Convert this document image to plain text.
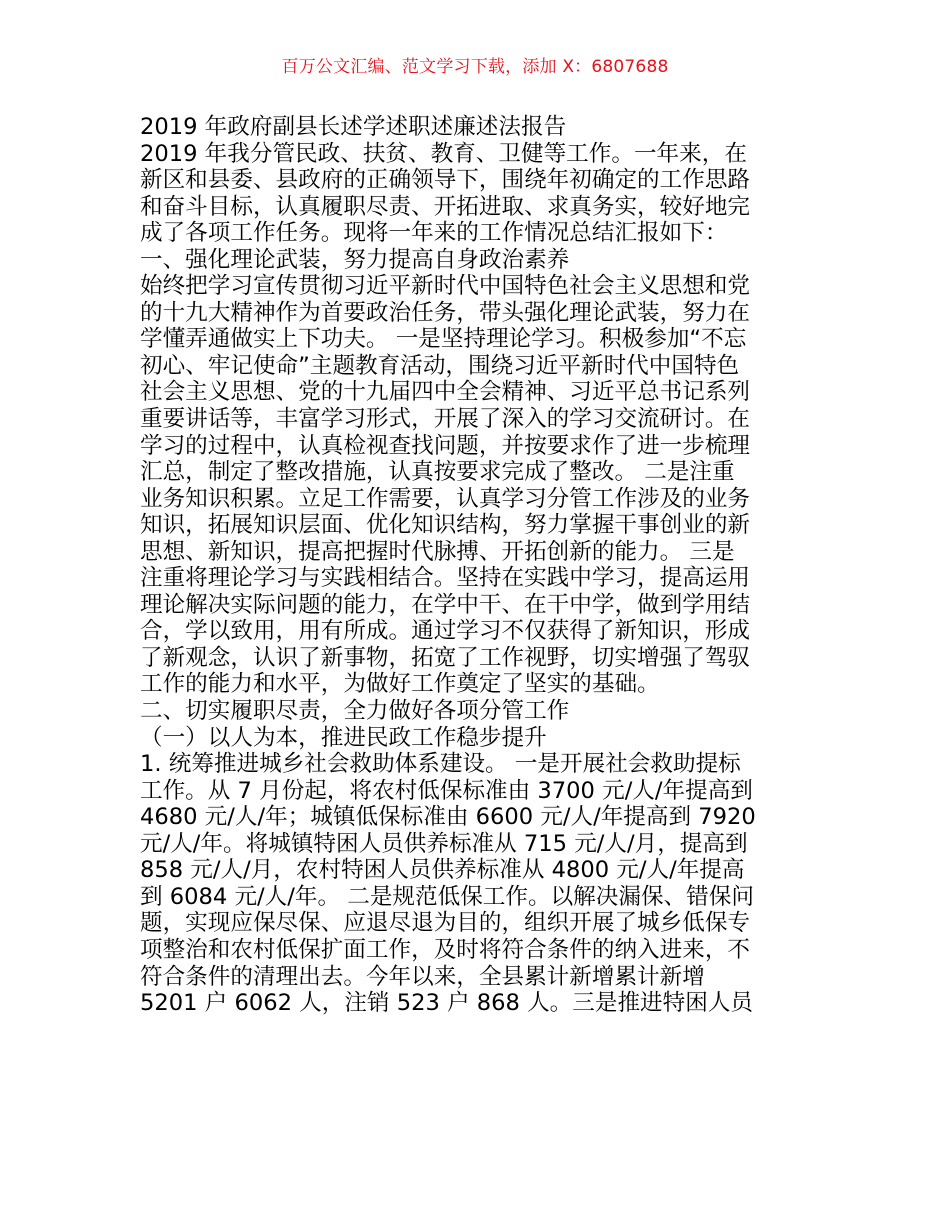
百万公文汇编、范文学习下载，添加 X：6807688
2019 年政府副县长述学述职述廉述法报告
2019 年我分管民政、扶贫、教育、卫健等工作。一年来，在
新区和县委、县政府的正确领导下，围绕年初确定的工作思路
和奋斗目标，认真履职尽责、开拓进取、求真务实，较好地完
成了各项工作任务。现将一年来的工作情况总结汇报如下：
一、强化理论武装，努力提高自身政治素养
始终把学习宣传贯彻习近平新时代中国特色社会主义思想和党
的十九大精神作为首要政治任务，带头强化理论武装，努力在
学懂弄通做实上下功夫。 一是坚持理论学习。积极参加“不忘
初心、牢记使命”主题教育活动，围绕习近平新时代中国特色
社会主义思想、党的十九届四中全会精神、习近平总书记系列
重要讲话等，丰富学习形式，开展了深入的学习交流研讨。在
学习的过程中，认真检视查找问题，并按要求作了进一步梳理
汇总，制定了整改措施，认真按要求完成了整改。 二是注重
业务知识积累。立足工作需要，认真学习分管工作涉及的业务
知识，拓展知识层面、优化知识结构，努力掌握干事创业的新
思想、新知识，提高把握时代脉搏、开拓创新的能力。 三是
注重将理论学习与实践相结合。坚持在实践中学习，提高运用
理论解决实际问题的能力，在学中干、在干中学，做到学用结
合，学以致用，用有所成。通过学习不仅获得了新知识，形成
了新观念，认识了新事物，拓宽了工作视野，切实增强了驾驭
工作的能力和水平，为做好工作奠定了坚实的基础。
二、切实履职尽责，全力做好各项分管工作
（一）以人为本，推进民政工作稳步提升
1. 统筹推进城乡社会救助体系建设。 一是开展社会救助提标
工作。从 7 月份起，将农村低保标准由 3700 元/人/年提高到
4680 元/人/年；城镇低保标准由 6600 元/人/年提高到 7920
元/人/年。将城镇特困人员供养标准从 715 元/人/月，提高到
858 元/人/月，农村特困人员供养标准从 4800 元/人/年提高
到 6084 元/人/年。 二是规范低保工作。以解决漏保、错保问
题，实现应保尽保、应退尽退为目的，组织开展了城乡低保专
项整治和农村低保扩面工作，及时将符合条件的纳入进来，不
符合条件的清理出去。今年以来，全县累计新增累计新增
5201 户 6062 人，注销 523 户 868 人。三是推进特困人员
